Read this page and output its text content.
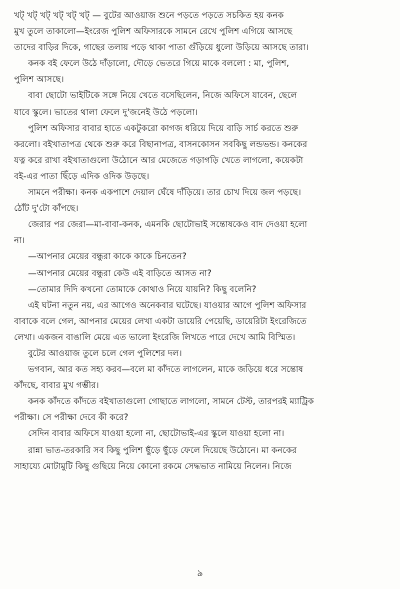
খট্ খট্ খট্ খট্ খট্ খট্ — বুটের আওয়াজ শুনে পড়তে পড়তে সচকিত হয় কনক
মুখ তুলে তাকালো—ইংরেজ পুলিশ অফিসারকে সামনে রেখে পুলিশ এগিয়ে আসছে
তাদের বাড়ির দিকে, গাছের তলায় পড়ে থাকা পাতা গুঁড়িয়ে ধুলো উড়িয়ে আসছে তারা।
কনক বই ফেলে উঠে দাঁড়ালো, দৌড়ে ভেতরে গিয়ে মাকে বললো : মা, পুলিশ,
পুলিশ আসছে।
বাবা ছোটো ভাইটিকে সঙ্গে নিয়ে খেতে বসেছিলেন, নিজে অফিসে যাবেন, ছেলে
যাবে স্কুলে। ভাতের থালা ফেলে দু'জনেই উঠে পড়লো।
পুলিশ অফিসার বাবার হাতে একটুকরো কাগজ ধরিয়ে দিয়ে বাড়ি সার্চ করতে শুরু
করলো। বইখাতাপত্র থেকে শুরু করে বিছানাপত্র, বাসনকোসন সবকিছু লন্ডভন্ড। কনকের
যত্ন করে রাখা বইখাতাগুলো উঠোনে আর মেজেতে গড়াগড়ি খেতে লাগলো, কয়েকটা
বই-এর পাতা ছিঁড়ে এদিক ওদিক উড়ছে।
সামনে পরীক্ষা। কনক একপাশে দেয়াল ঘেঁষে দাঁড়িয়ে। তার চোখ দিয়ে জল পড়ছে।
ঠোঁট দু'টো কাঁপছে।
জেরার পর জেরা—মা-বাবা-কনক, এমনকি ছোটোভাই সন্তোষকেও বাদ দেওয়া হলো
না।
—আপনার মেয়ের বন্ধুরা কাকে কাকে চিনতেন?
—আপনার মেয়ের বন্ধুরা কেউ এই বাড়িতে আসত না?
—তোমার দিদি কখনো তোমাকে কোথাও নিয়ে যায়নি? কিছু বলেনি?
এই ঘটনা নতুন নয়, এর আগেও অনেকবার ঘটেছে। যাওয়ার আগে পুলিশ অফিসার
বাবাকে বলে গেল, আপনার মেয়ের লেখা একটা ডায়েরি পেয়েছি, ডায়েরিটা ইংরেজিতে
লেখা। একজন বাঙালি মেয়ে এত ভালো ইংরেজি লিখতে পারে দেখে আমি বিস্মিত।
বুটের আওয়াজ তুলে চলে গেল পুলিশের দল।
ভগবান, আর কত সহ্য করব—বলে মা কাঁদতে লাগলেন, মাকে জড়িয়ে ধরে সন্তোষ
কাঁদছে, বাবার মুখ গম্ভীর।
কনক কাঁদতে কাঁদতে বইখাতাগুলো গোছাতে লাগলো, সামনে টেস্ট, তারপরই ম্যাট্রিক
পরীক্ষা। সে পরীক্ষা দেবে কী করে?
সেদিন বাবার অফিসে যাওয়া হলো না, ছোটোভাই-এর স্কুলে যাওয়া হলো না।
রান্না ভাত-তরকারি সব কিছু পুলিশ ছুঁড়ে ছুঁড়ে ফেলে দিয়েছে উঠোনে। মা কনকের
সাহায্যে মোটামুটি কিছু গুছিয়ে নিয়ে কোনো রকমে সেদ্ধভাত নামিয়ে নিলেন। নিজে
৯
